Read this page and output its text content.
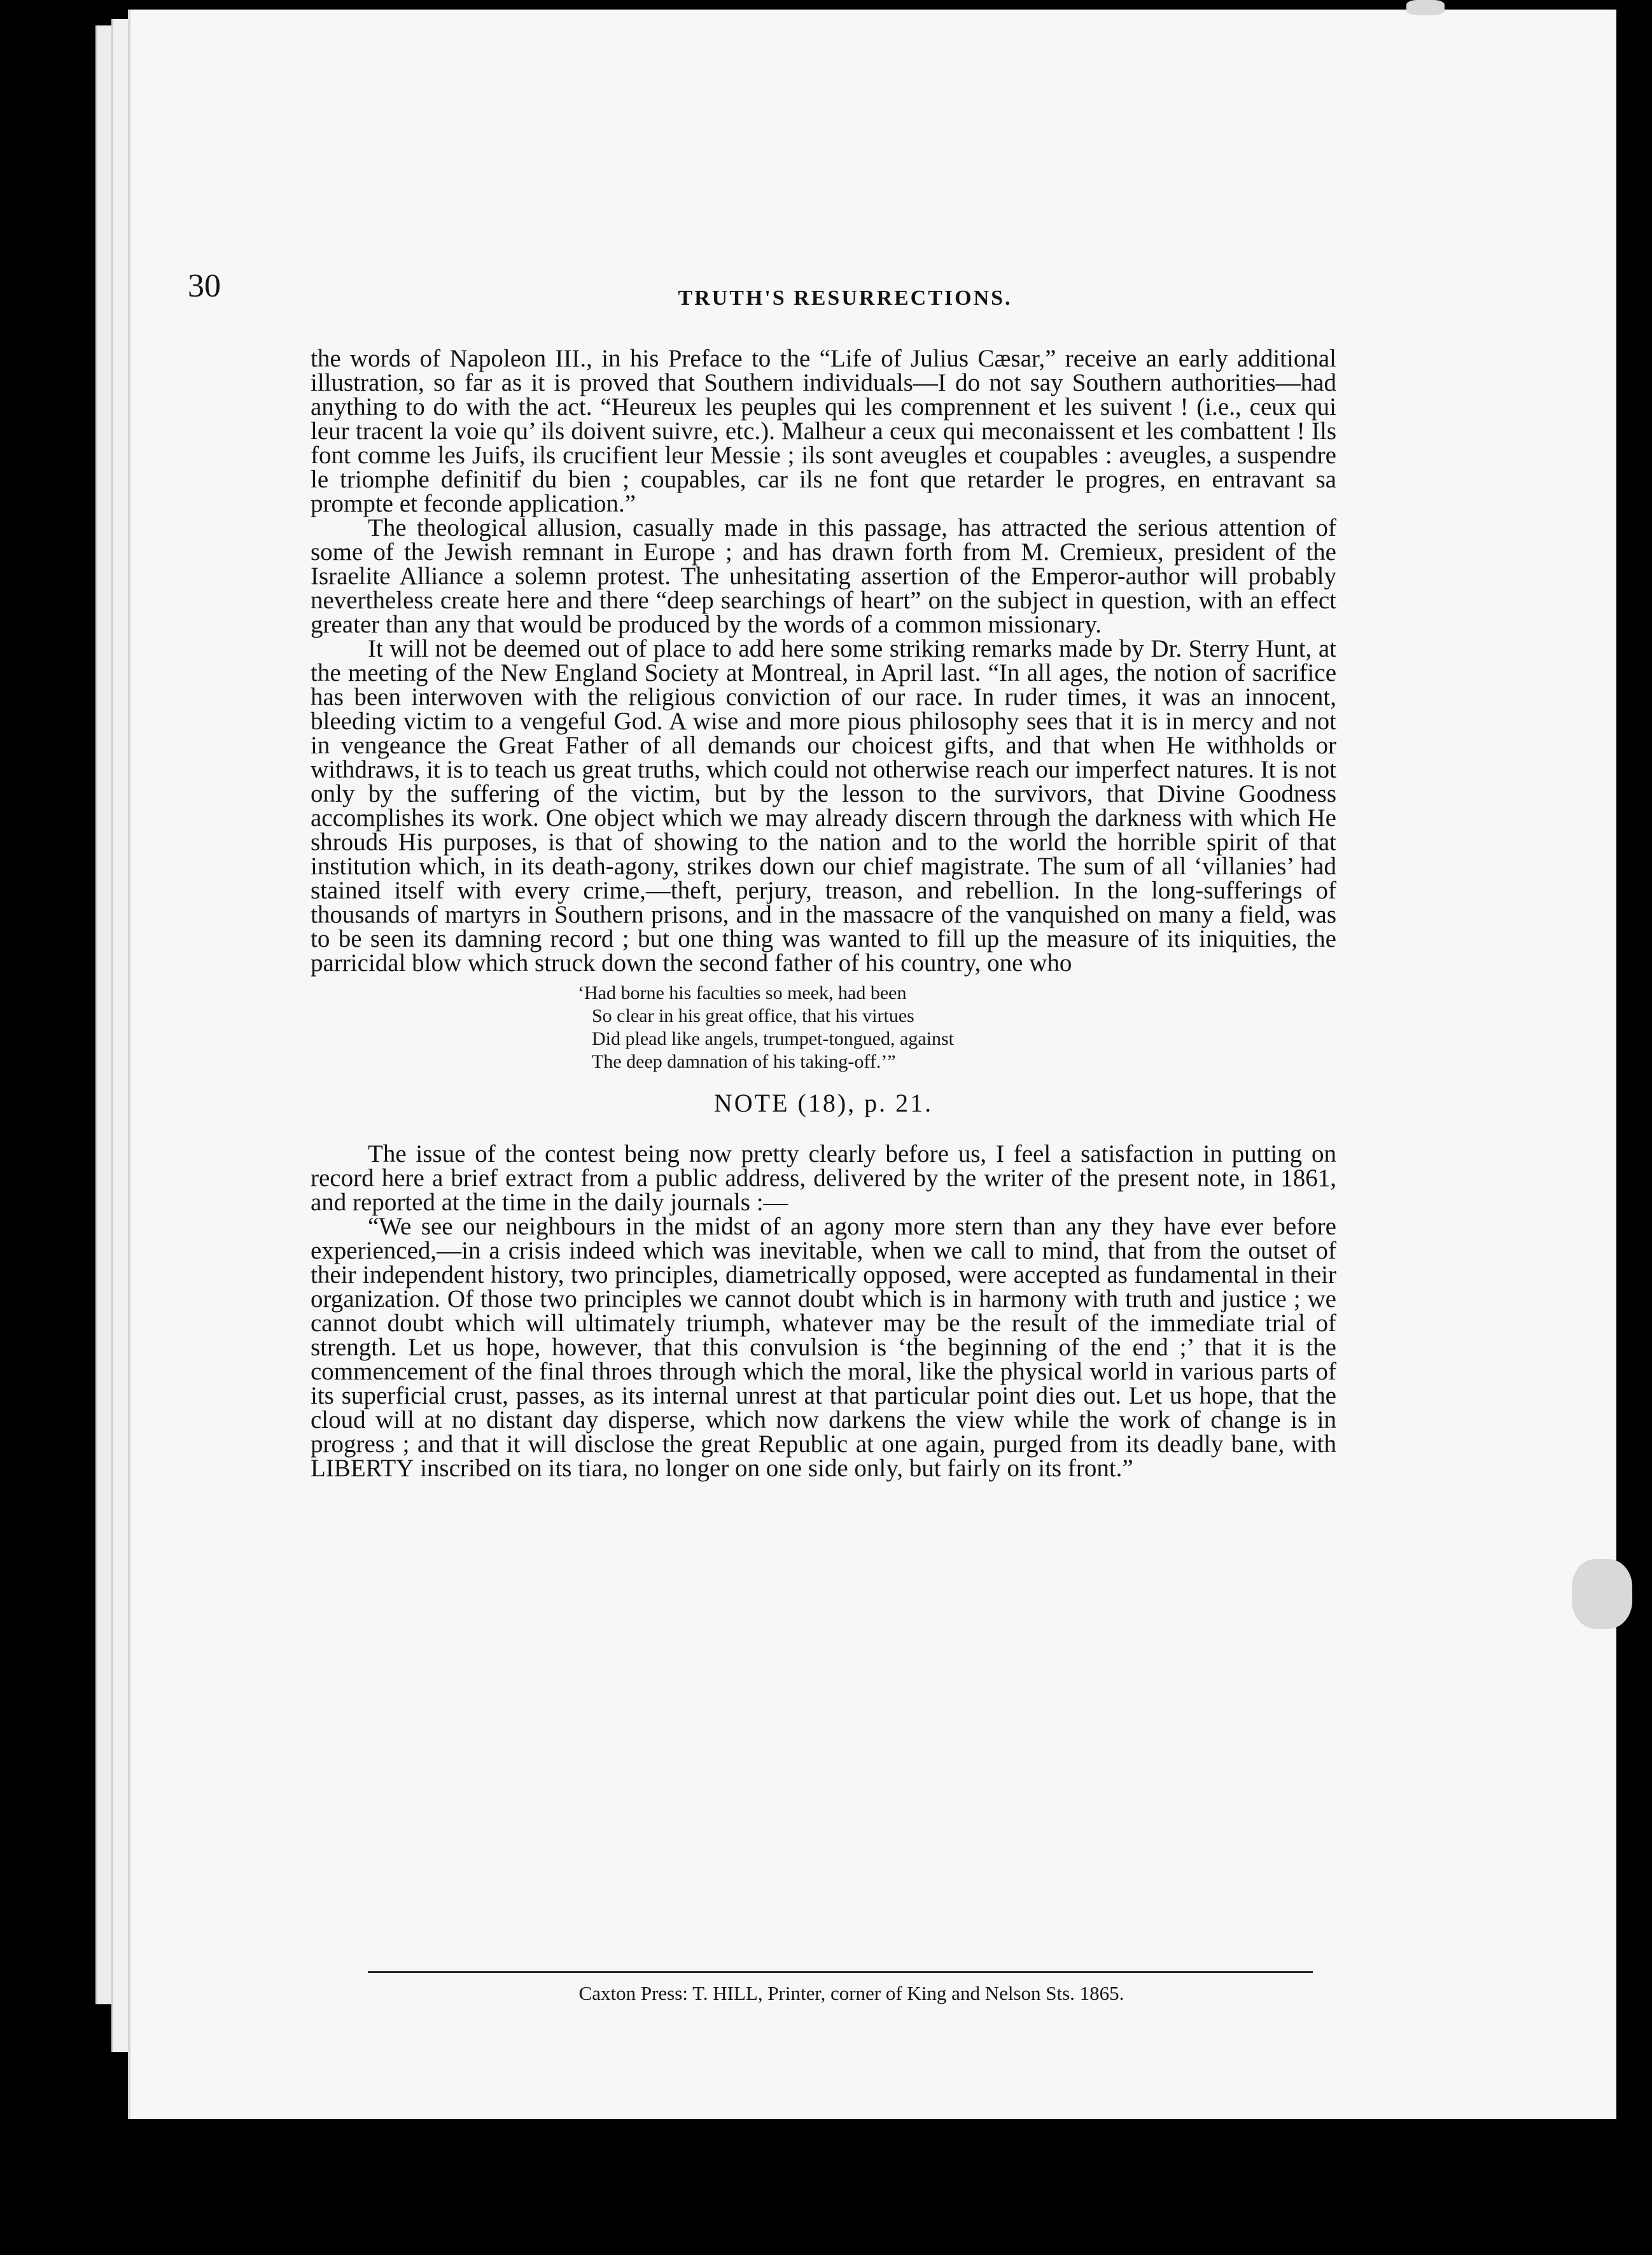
30	TRUTH'S RESURRECTIONS.

the words of Napoleon III., in his Preface to the “Life of Julius Cæsar,” receive an early additional illustration, so far as it is proved that Southern individuals—I do not say Southern authorities—had anything to do with the act. “Heureux les peuples qui les comprennent et les suivent ! (i.e., ceux qui leur tracent la voie qu’ ils doivent suivre, etc.). Malheur a ceux qui meconaissent et les combattent ! Ils font comme les Juifs, ils crucifient leur Messie ; ils sont aveugles et coupables : aveugles, a suspendre le triomphe definitif du bien ; coupables, car ils ne font que retarder le progres, en entravant sa prompte et feconde application.”

The theological allusion, casually made in this passage, has attracted the serious attention of some of the Jewish remnant in Europe ; and has drawn forth from M. Cremieux, president of the Israelite Alliance a solemn protest. The unhesitating assertion of the Emperor-author will probably nevertheless create here and there “deep searchings of heart” on the subject in question, with an effect greater than any that would be produced by the words of a common missionary.

It will not be deemed out of place to add here some striking remarks made by Dr. Sterry Hunt, at the meeting of the New England Society at Montreal, in April last. “In all ages, the notion of sacrifice has been interwoven with the religious conviction of our race. In ruder times, it was an innocent, bleeding victim to a vengeful God. A wise and more pious philosophy sees that it is in mercy and not in vengeance the Great Father of all demands our choicest gifts, and that when He withholds or withdraws, it is to teach us great truths, which could not otherwise reach our imperfect natures. It is not only by the suffering of the victim, but by the lesson to the survivors, that Divine Goodness accomplishes its work. One object which we may already discern through the darkness with which He shrouds His purposes, is that of showing to the nation and to the world the horrible spirit of that institution which, in its death-agony, strikes down our chief magistrate. The sum of all ‘villanies’ had stained itself with every crime,—theft, perjury, treason, and rebellion. In the long-sufferings of thousands of martyrs in Southern prisons, and in the massacre of the vanquished on many a field, was to be seen its damning record ; but one thing was wanted to fill up the measure of its iniquities, the parricidal blow which struck down the second father of his country, one who

‘Had borne his faculties so meek, had been
So clear in his great office, that his virtues
Did plead like angels, trumpet-tongued, against
The deep damnation of his taking-off.’”
NOTE (18), p. 21.

The issue of the contest being now pretty clearly before us, I feel a satisfaction in putting on record here a brief extract from a public address, delivered by the writer of the present note, in 1861, and reported at the time in the daily journals :—

“We see our neighbours in the midst of an agony more stern than any they have ever before experienced,—in a crisis indeed which was inevitable, when we call to mind, that from the outset of their independent history, two principles, diametrically opposed, were accepted as fundamental in their organization. Of those two principles we cannot doubt which is in harmony with truth and justice ; we cannot doubt which will ultimately triumph, whatever may be the result of the immediate trial of strength. Let us hope, however, that this convulsion is ‘the beginning of the end ;’ that it is the commencement of the final throes through which the moral, like the physical world in various parts of its superficial crust, passes, as its internal unrest at that particular point dies out. Let us hope, that the cloud will at no distant day disperse, which now darkens the view while the work of change is in progress ; and that it will disclose the great Republic at one again, purged from its deadly bane, with LIBERTY inscribed on its tiara, no longer on one side only, but fairly on its front.”

Caxton Press: T. HILL, Printer, corner of King and Nelson Sts. 1865.
